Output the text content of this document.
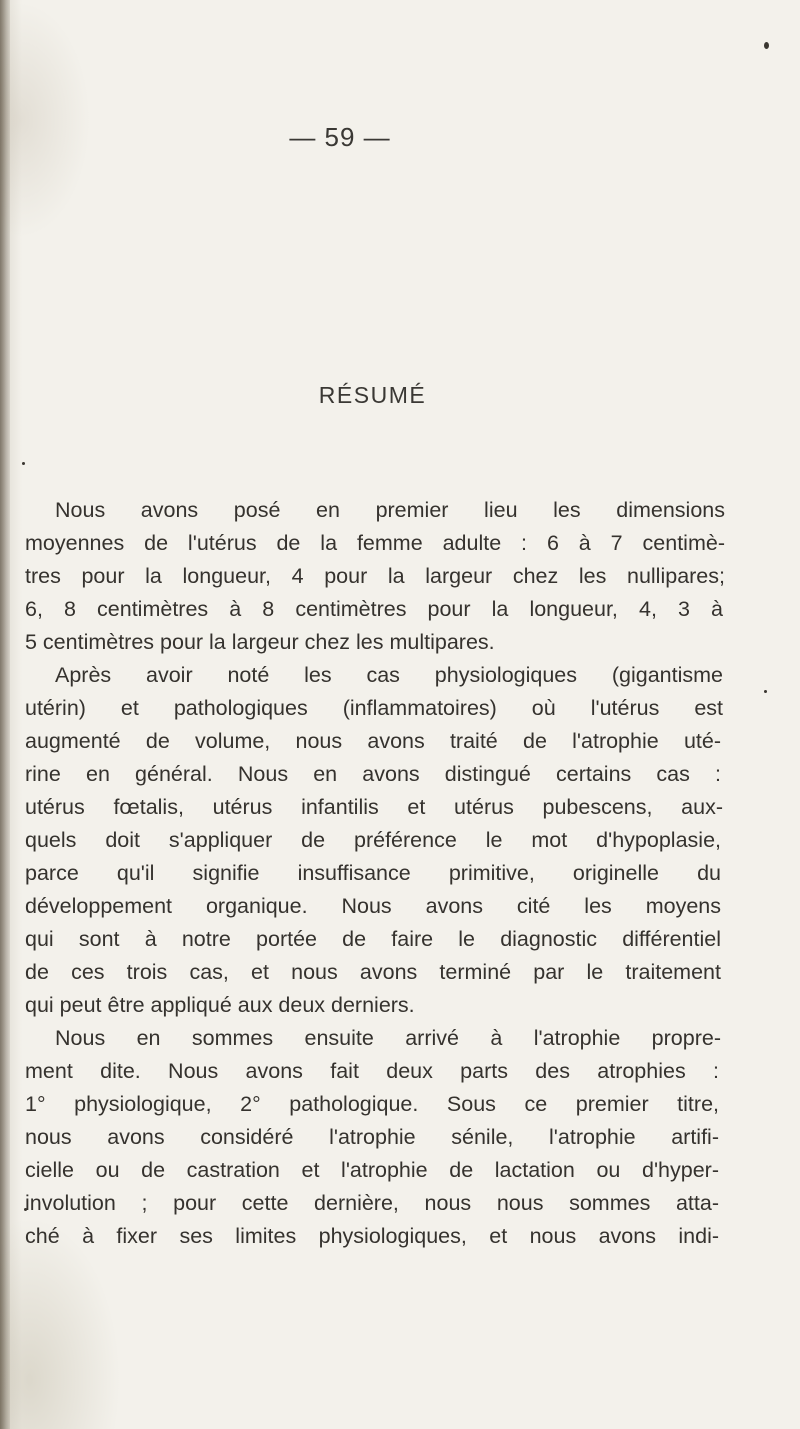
— 59 —
RÉSUMÉ
Nous avons posé en premier lieu les dimensions
moyennes de l'utérus de la femme adulte : 6 à 7 centimè-
tres pour la longueur, 4 pour la largeur chez les nullipares;
6, 8 centimètres à 8 centimètres pour la longueur, 4, 3 à
5 centimètres pour la largeur chez les multipares.
Après avoir noté les cas physiologiques (gigantisme
utérin) et pathologiques (inflammatoires) où l'utérus est
augmenté de volume, nous avons traité de l'atrophie uté-
rine en général. Nous en avons distingué certains cas :
utérus fœtalis, utérus infantilis et utérus pubescens, aux-
quels doit s'appliquer de préférence le mot d'hypoplasie,
parce qu'il signifie insuffisance primitive, originelle du
développement organique. Nous avons cité les moyens
qui sont à notre portée de faire le diagnostic différentiel
de ces trois cas, et nous avons terminé par le traitement
qui peut être appliqué aux deux derniers.
Nous en sommes ensuite arrivé à l'atrophie propre-
ment dite. Nous avons fait deux parts des atrophies :
1° physiologique, 2° pathologique. Sous ce premier titre,
nous avons considéré l'atrophie sénile, l'atrophie artifi-
cielle ou de castration et l'atrophie de lactation ou d'hyper-
involution ; pour cette dernière, nous nous sommes atta-
ché à fixer ses limites physiologiques, et nous avons indi-
